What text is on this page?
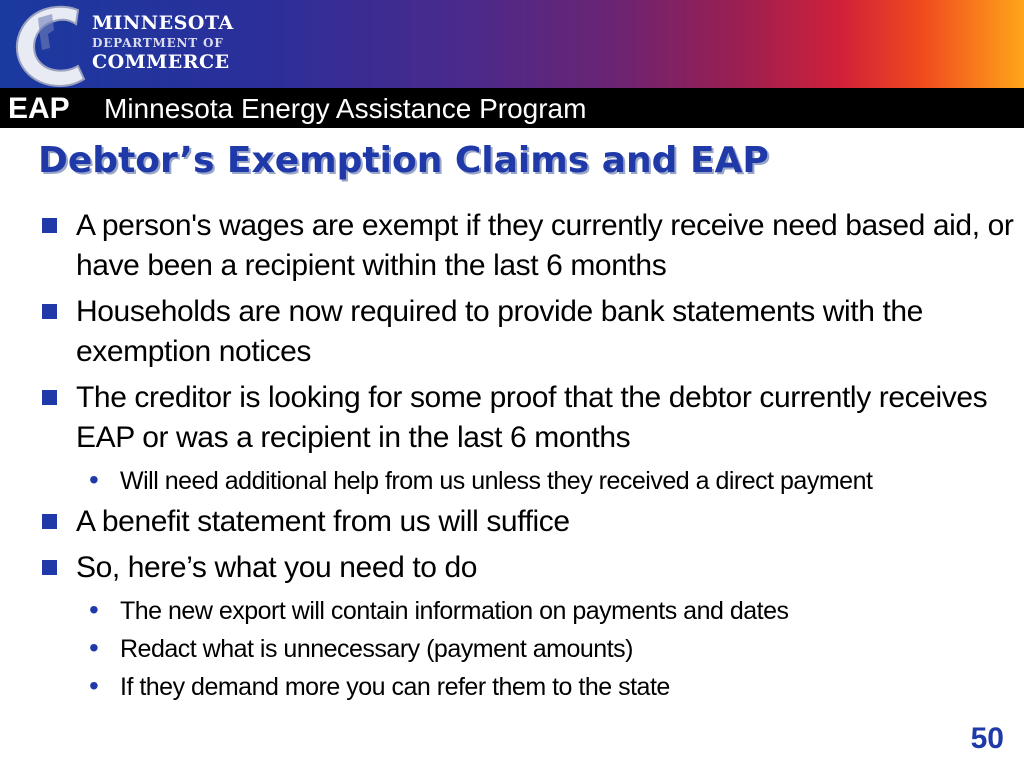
MINNESOTA
DEPARTMENT OF
COMMERCE
EAP Minnesota Energy Assistance Program
Debtor’s Exemption Claims and EAP
A person's wages are exempt if they currently receive need based aid, or have been a recipient within the last 6 months
Households are now required to provide bank statements with the exemption notices
The creditor is looking for some proof that the debtor currently receives EAP or was a recipient in the last 6 months
• Will need additional help from us unless they received a direct payment
A benefit statement from us will suffice
So, here’s what you need to do
• The new export will contain information on payments and dates
• Redact what is unnecessary (payment amounts)
• If they demand more you can refer them to the state
50
